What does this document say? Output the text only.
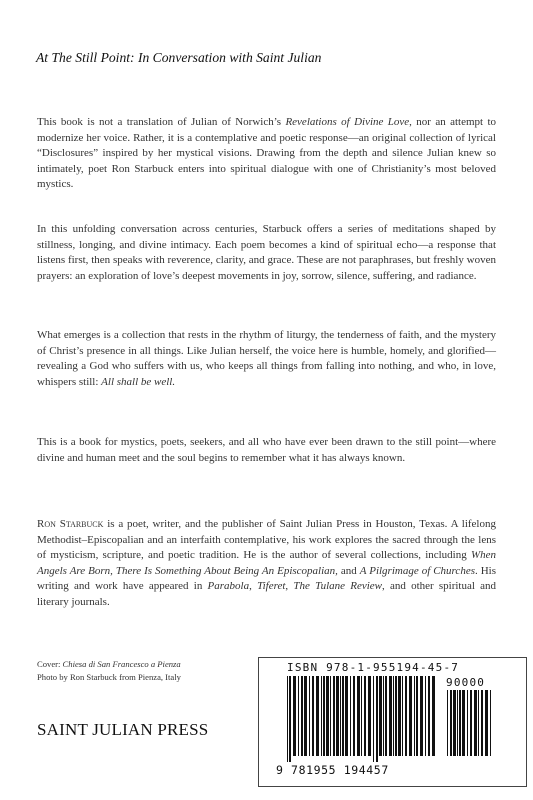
At The Still Point: In Conversation with Saint Julian

This book is not a translation of Julian of Norwich’s Revelations of Divine Love, nor an attempt to modernize her voice. Rather, it is a contemplative and poetic response—an original collection of lyrical “Disclosures” inspired by her mystical visions. Drawing from the depth and silence Julian knew so intimately, poet Ron Starbuck enters into spiritual dialogue with one of Christianity’s most beloved mystics.

In this unfolding conversation across centuries, Starbuck offers a series of meditations shaped by stillness, longing, and divine intimacy. Each poem becomes a kind of spiritual echo—a response that listens first, then speaks with reverence, clarity, and grace. These are not paraphrases, but freshly woven prayers: an exploration of love’s deepest movements in joy, sorrow, silence, suffering, and radiance.

What emerges is a collection that rests in the rhythm of liturgy, the tenderness of faith, and the mystery of Christ’s presence in all things. Like Julian herself, the voice here is humble, homely, and glorified—revealing a God who suffers with us, who keeps all things from falling into nothing, and who, in love, whispers still: All shall be well.

This is a book for mystics, poets, seekers, and all who have ever been drawn to the still point—where divine and human meet and the soul begins to remember what it has always known.

Ron Starbuck is a poet, writer, and the publisher of Saint Julian Press in Houston, Texas. A lifelong Methodist–Episcopalian and an interfaith contemplative, his work explores the sacred through the lens of mysticism, scripture, and poetic tradition. He is the author of several collections, including When Angels Are Born, There Is Something About Being An Episcopalian, and A Pilgrimage of Churches. His writing and work have appeared in Parabola, Tiferet, The Tulane Review, and other spiritual and literary journals.

Cover: Chiesa di San Francesco a Pienza
Photo by Ron Starbuck from Pienza, Italy
SAINT JULIAN PRESS
ISBN 978-1-955194-45-7
90000
9 781955 194457
